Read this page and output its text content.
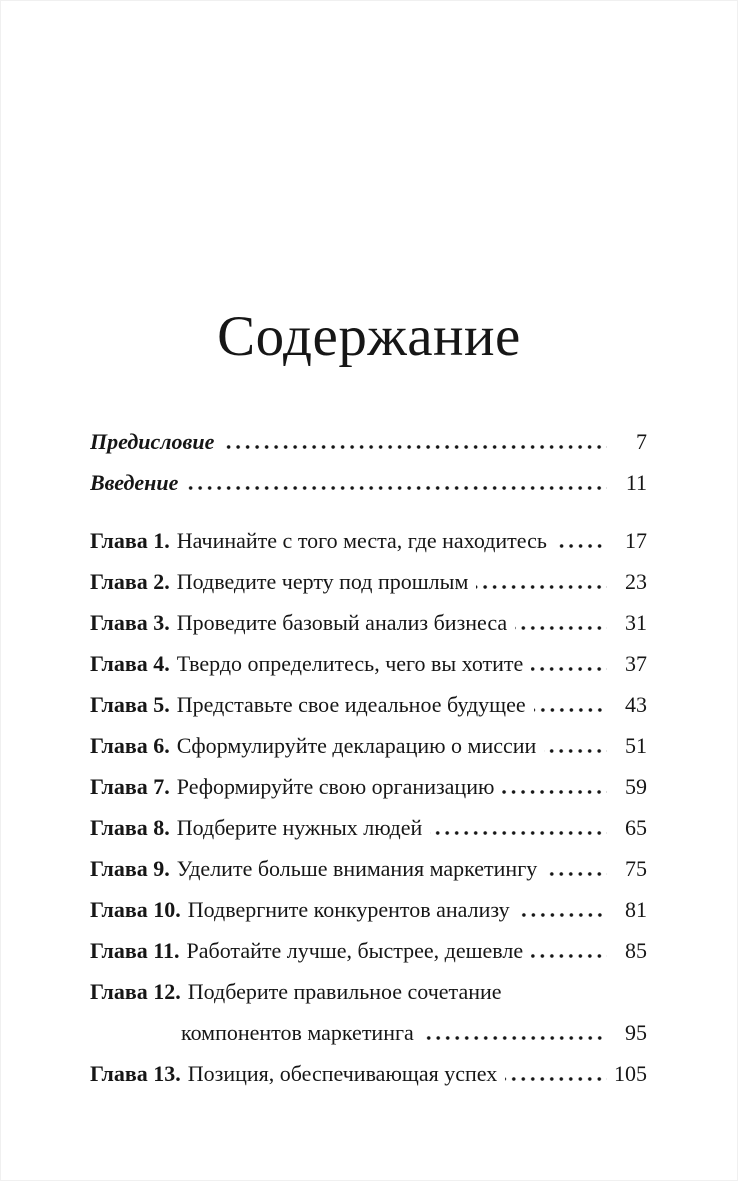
Содержание
Предисловие	7
Введение	11
Глава 1. Начинайте с того места, где находитесь	17
Глава 2. Подведите черту под прошлым	23
Глава 3. Проведите базовый анализ бизнеса	31
Глава 4. Твердо определитесь, чего вы хотите	37
Глава 5. Представьте свое идеальное будущее	43
Глава 6. Сформулируйте декларацию о миссии	51
Глава 7. Реформируйте свою организацию	59
Глава 8. Подберите нужных людей	65
Глава 9. Уделите больше внимания маркетингу	75
Глава 10. Подвергните конкурентов анализу	81
Глава 11. Работайте лучше, быстрее, дешевле	85
Глава 12. Подберите правильное сочетание
компонентов маркетинга	95
Глава 13. Позиция, обеспечивающая успех	105
